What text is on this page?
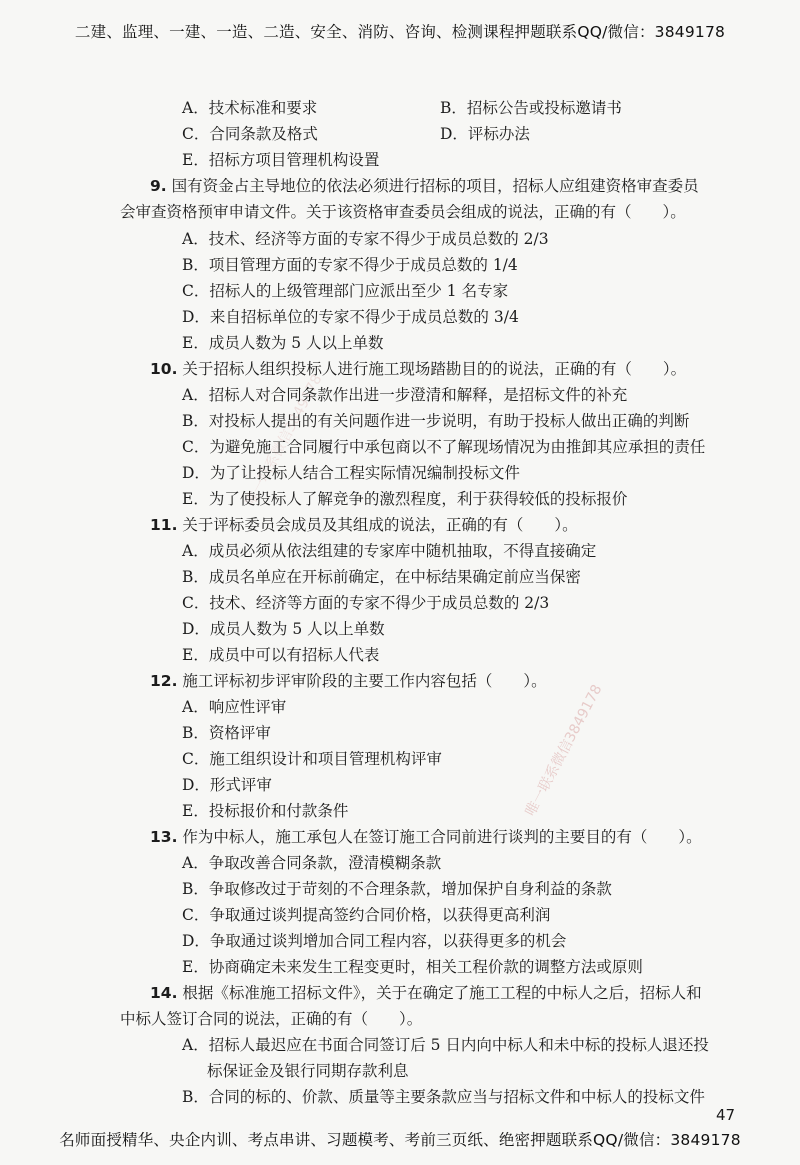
二建、监理、一建、一造、二造、安全、消防、咨询、检测课程押题联系QQ/微信：3849178
唯一联系微信3849178
唯一联系微信3849178
A．技术标准和要求	B．招标公告或投标邀请书
C．合同条款及格式	D．评标办法
E．招标方项目管理机构设置
9. 国有资金占主导地位的依法必须进行招标的项目，招标人应组建资格审查委员
会审查资格预审申请文件。关于该资格审查委员会组成的说法，正确的有（　　）。
A．技术、经济等方面的专家不得少于成员总数的 2/3
B．项目管理方面的专家不得少于成员总数的 1/4
C．招标人的上级管理部门应派出至少 1 名专家
D．来自招标单位的专家不得少于成员总数的 3/4
E．成员人数为 5 人以上单数
10. 关于招标人组织投标人进行施工现场踏勘目的的说法，正确的有（　　）。
A．招标人对合同条款作出进一步澄清和解释，是招标文件的补充
B．对投标人提出的有关问题作进一步说明，有助于投标人做出正确的判断
C．为避免施工合同履行中承包商以不了解现场情况为由推卸其应承担的责任
D．为了让投标人结合工程实际情况编制投标文件
E．为了使投标人了解竞争的激烈程度，利于获得较低的投标报价
11. 关于评标委员会成员及其组成的说法，正确的有（　　）。
A．成员必须从依法组建的专家库中随机抽取，不得直接确定
B．成员名单应在开标前确定，在中标结果确定前应当保密
C．技术、经济等方面的专家不得少于成员总数的 2/3
D．成员人数为 5 人以上单数
E．成员中可以有招标人代表
12. 施工评标初步评审阶段的主要工作内容包括（　　）。
A．响应性评审
B．资格评审
C．施工组织设计和项目管理机构评审
D．形式评审
E．投标报价和付款条件
13. 作为中标人，施工承包人在签订施工合同前进行谈判的主要目的有（　　）。
A．争取改善合同条款，澄清模糊条款
B．争取修改过于苛刻的不合理条款，增加保护自身利益的条款
C．争取通过谈判提高签约合同价格，以获得更高利润
D．争取通过谈判增加合同工程内容，以获得更多的机会
E．协商确定未来发生工程变更时，相关工程价款的调整方法或原则
14. 根据《标准施工招标文件》，关于在确定了施工工程的中标人之后，招标人和
中标人签订合同的说法，正确的有（　　）。
A．招标人最迟应在书面合同签订后 5 日内向中标人和未中标的投标人退还投
标保证金及银行同期存款利息
B．合同的标的、价款、质量等主要条款应当与招标文件和中标人的投标文件
47
名师面授精华、央企内训、考点串讲、习题模考、考前三页纸、绝密押题联系QQ/微信：3849178
